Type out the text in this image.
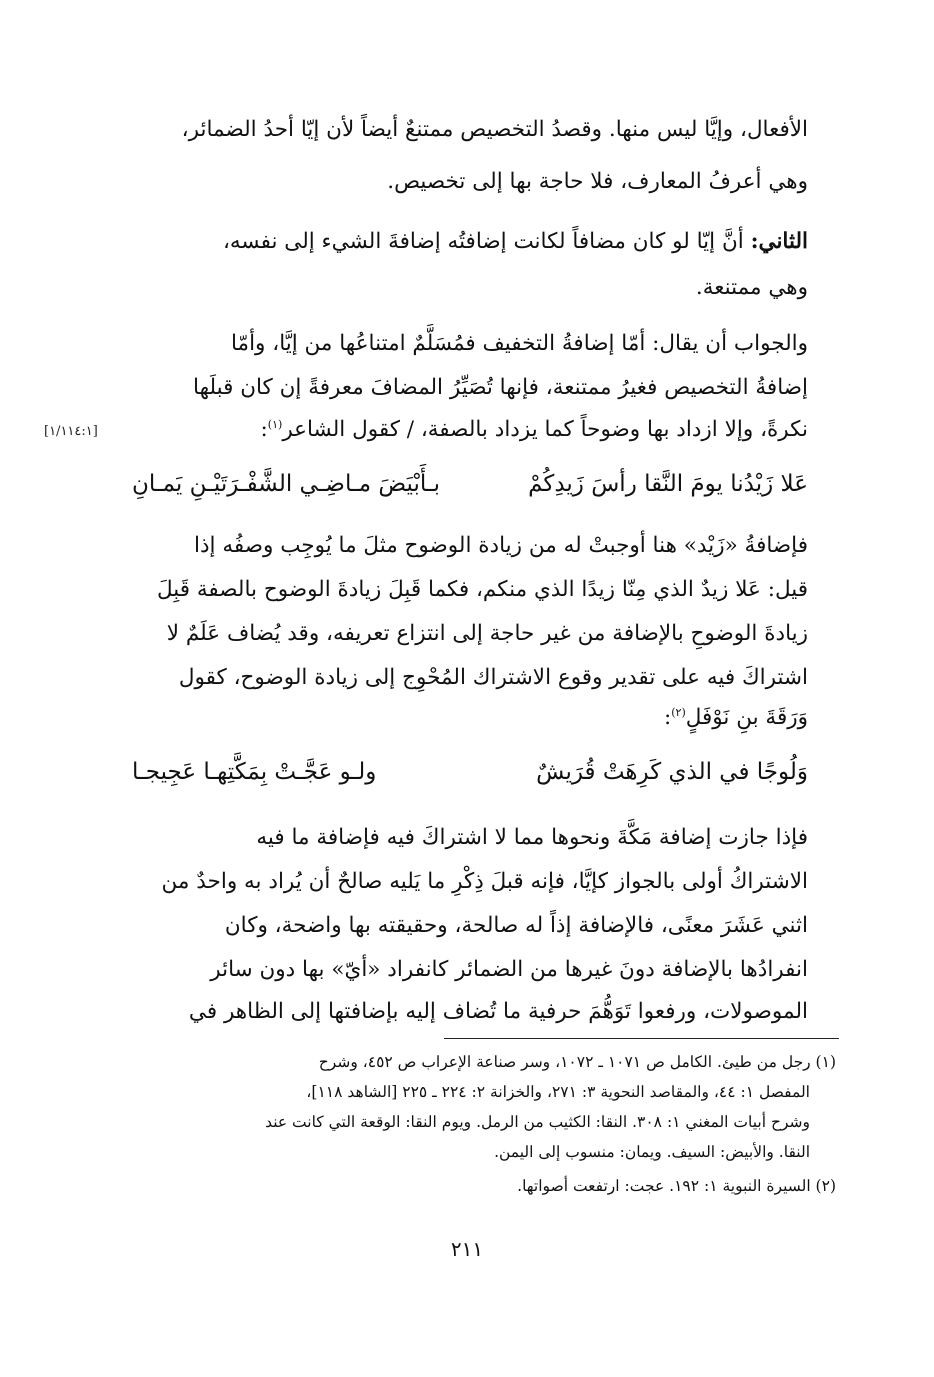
الأفعال، وإيَّا ليس منها. وقصدُ التخصيص ممتنعٌ أيضاً لأن إيّا أحدُ الضمائر،
وهي أعرفُ المعارف، فلا حاجة بها إلى تخصيص.
الثاني: أنَّ إيّا لو كان مضافاً لكانت إضافتُه إضافةَ الشيء إلى نفسه،
وهي ممتنعة.
والجواب أن يقال: أمّا إضافةُ التخفيف فمُسَلَّمٌ امتناعُها من إيَّا، وأمّا
إضافةُ التخصيص فغيرُ ممتنعة، فإنها تُصَيِّرُ المضافَ معرفةً إن كان قبلَها
نكرةً، وإلا ازداد بها وضوحاً كما يزداد بالصفة، / كقول الشاعر$^{(١)}$:
[١/١١٤:١]
عَلا زَيْدُنا يومَ النَّقا رأسَ زَيدِكُمْ
بـأَبْيَضَ مـاضِـي الشَّفْـرَتَيْـنِ يَمـانِ
فإضافةُ «زَيْد» هنا أوجبتْ له من زيادة الوضوح مثلَ ما يُوجِب وصفُه إذا
قيل: عَلا زيدٌ الذي مِنّا زيدًا الذي منكم، فكما قَبِلَ زيادةَ الوضوح بالصفة قَبِلَ
زيادةَ الوضوحِ بالإضافة من غير حاجة إلى انتزاع تعريفه، وقد يُضاف عَلَمٌ لا
اشتراكَ فيه على تقدير وقوع الاشتراك المُحْوِج إلى زيادة الوضوح، كقول
وَرَقَةَ بنِ نَوْفَلٍ$^{(٢)}$:
وَلُوجًا في الذي كَرِهَتْ قُرَيشٌ
ولـو عَجَّـتْ بِمَكَّتِهـا عَجِيجـا
فإذا جازت إضافة مَكَّةَ ونحوها مما لا اشتراكَ فيه فإضافة ما فيه
الاشتراكُ أولى بالجواز كإيَّا، فإنه قبلَ ذِكْرِ ما يَليه صالحٌ أن يُراد به واحدٌ من
اثني عَشَرَ معنًى، فالإضافة إذاً له صالحة، وحقيقته بها واضحة، وكان
انفرادُها بالإضافة دونَ غيرها من الضمائر كانفراد «أيّ» بها دون سائر
الموصولات، ورفعوا تَوَهُّمَ حرفية ما تُضاف إليه بإضافتها إلى الظاهر في
(١) رجل من طيئ. الكامل ص ١٠٧١ ـ ١٠٧٢، وسر صناعة الإعراب ص ٤٥٢، وشرح
المفصل ١: ٤٤، والمقاصد النحوية ٣: ٢٧١، والخزانة ٢: ٢٢٤ ـ ٢٢٥ [الشاهد ١١٨]،
وشرح أبيات المغني ١: ٣٠٨. النقا: الكثيب من الرمل. ويوم النقا: الوقعة التي كانت عند
النقا. والأبيض: السيف. ويمان: منسوب إلى اليمن.
(٢) السيرة النبوية ١: ١٩٢. عجت: ارتفعت أصواتها.
٢١١
